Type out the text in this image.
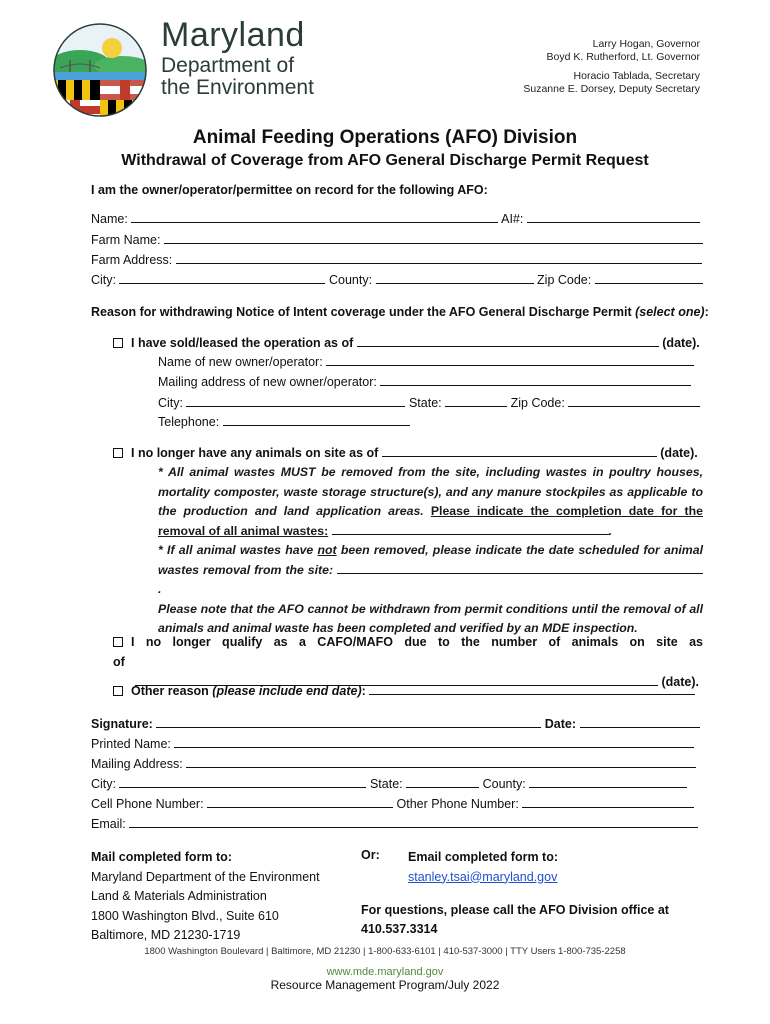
Maryland
Department of
the Environment
Larry Hogan, Governor
Boyd K. Rutherford, Lt. Governor
Horacio Tablada, Secretary
Suzanne E. Dorsey, Deputy Secretary
Animal Feeding Operations (AFO) Division
Withdrawal of Coverage from AFO General Discharge Permit Request
I am the owner/operator/permittee on record for the following AFO:
Name:	AI#:
Farm Name:
Farm Address:
City:	County:	Zip Code:
Reason for withdrawing Notice of Intent coverage under the AFO General Discharge Permit (select one):
I have sold/leased the operation as of	(date).
Name of new owner/operator:
Mailing address of new owner/operator:
City:	State:	Zip Code:
Telephone:
I no longer have any animals on site as of	(date).
* All animal wastes MUST be removed from the site, including wastes in poultry houses, mortality composter, waste storage structure(s), and any manure stockpiles as applicable to the production and land application areas. Please indicate the completion date for the removal of all animal wastes:	.
* If all animal wastes have not been removed, please indicate the date scheduled for animal wastes removal from the site: .
Please note that the AFO cannot be withdrawn from permit conditions until the removal of all animals and animal waste has been completed and verified by an MDE inspection.
I no longer qualify as a CAFO/MAFO due to the number of animals on site as of
(date).
Other reason (please include end date):
Signature:	Date:
Printed Name:
Mailing Address:
City:	State:	County:
Cell Phone Number:	Other Phone Number:
Email:
Mail completed form to:
Maryland Department of the Environment
Land & Materials Administration
1800 Washington Blvd., Suite 610
Baltimore, MD 21230-1719
Or: Email completed form to:
stanley.tsai@maryland.gov
For questions, please call the AFO Division office at
410.537.3314
1800 Washington Boulevard | Baltimore, MD 21230 | 1-800-633-6101 | 410-537-3000 | TTY Users 1-800-735-2258
www.mde.maryland.gov
Resource Management Program/July 2022
